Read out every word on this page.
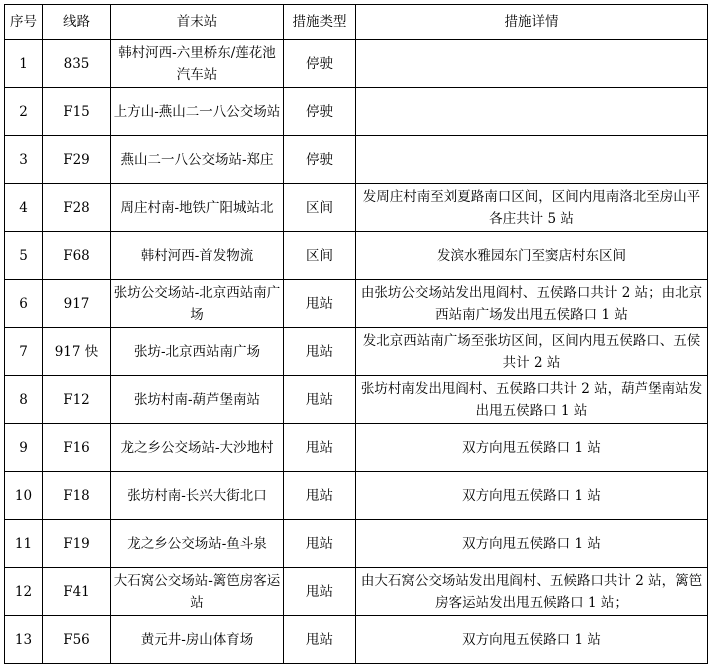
序号	线路	首末站	措施类型	措施详情
1	835	韩村河西-六里桥东/莲花池汽车站	停驶	
2	F15	上方山-燕山二一八公交场站	停驶	
3	F29	燕山二一八公交场站-郑庄	停驶	
4	F28	周庄村南-地铁广阳城站北	区间	发周庄村南至刘夏路南口区间，区间内甩南洛北至房山平各庄共计 5 站
5	F68	韩村河西-首发物流	区间	发滨水雅园东门至窦店村东区间
6	917	张坊公交场站-北京西站南广场	甩站	由张坊公交场站发出甩阎村、五侯路口共计 2 站；由北京西站南广场发出甩五侯路口 1 站
7	917 快	张坊-北京西站南广场	甩站	发北京西站南广场至张坊区间，区间内甩五侯路口、五侯共计 2 站
8	F12	张坊村南-葫芦堡南站	甩站	张坊村南发出甩阎村、五侯路口共计 2 站，葫芦堡南站发出甩五侯路口 1 站
9	F16	龙之乡公交场站-大沙地村	甩站	双方向甩五侯路口 1 站
10	F18	张坊村南-长兴大街北口	甩站	双方向甩五侯路口 1 站
11	F19	龙之乡公交场站-鱼斗泉	甩站	双方向甩五侯路口 1 站
12	F41	大石窝公交场站-篱笆房客运站	甩站	由大石窝公交场站发出甩阎村、五候路口共计 2 站，篱笆房客运站发出甩五候路口 1 站；
13	F56	黄元井-房山体育场	甩站	双方向甩五侯路口 1 站
